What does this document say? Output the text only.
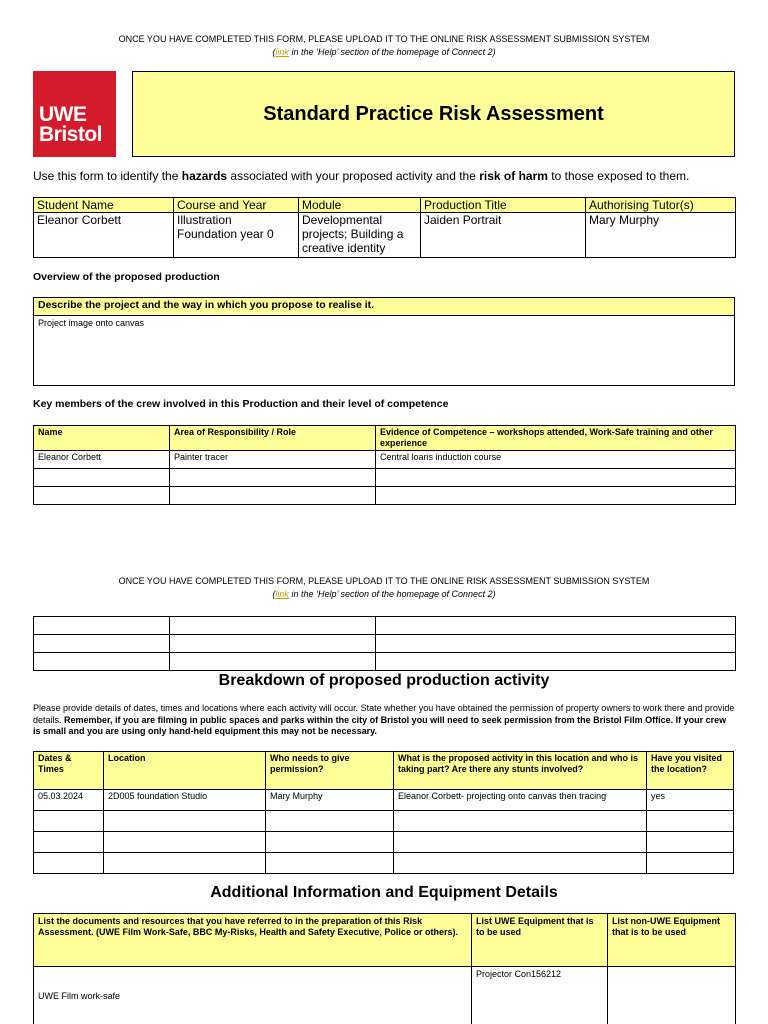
ONCE YOU HAVE COMPLETED THIS FORM, PLEASE UPLOAD IT TO THE ONLINE RISK ASSESSMENT SUBMISSION SYSTEM
(link in the ‘Help’ section of the homepage of Connect 2)
UWE
Bristol
Standard Practice Risk Assessment
Use this form to identify the hazards associated with your proposed activity and the risk of harm to those exposed to them.
Student Name	Course and Year	Module	Production Title	Authorising Tutor(s)
Eleanor Corbett	Illustration Foundation year 0	Developmental projects; Building a creative identity	Jaiden Portrait	Mary Murphy
Overview of the proposed production
Describe the project and the way in which you propose to realise it.
Project image onto canvas
Key members of the crew involved in this Production and their level of competence
Name	Area of Responsibility / Role	Evidence of Competence – workshops attended, Work-Safe training and other experience
Eleanor Corbett	Painter tracer	Central loans induction course

ONCE YOU HAVE COMPLETED THIS FORM, PLEASE UPLOAD IT TO THE ONLINE RISK ASSESSMENT SUBMISSION SYSTEM
(link in the ‘Help’ section of the homepage of Connect 2)

Breakdown of proposed production activity
Please provide details of dates, times and locations where each activity will occur. State whether you have obtained the permission of property owners to work there and provide details. Remember, if you are filming in public spaces and parks within the city of Bristol you will need to seek permission from the Bristol Film Office. If your crew is small and you are using only hand-held equipment this may not be necessary.
Dates & Times	Location	Who needs to give permission?	What is the proposed activity in this location and who is taking part? Are there any stunts involved?	Have you visited the location?
05.03.2024	2D005 foundation Studio	Mary Murphy	Eleanor Corbett- projecting onto canvas then tracing	yes

Additional Information and Equipment Details
List the documents and resources that you have referred to in the preparation of this Risk Assessment. (UWE Film Work-Safe, BBC My-Risks, Health and Safety Executive, Police or others).	List UWE Equipment that is to be used	List non-UWE Equipment that is to be used
UWE Film work-safe	Projector Con156212	
